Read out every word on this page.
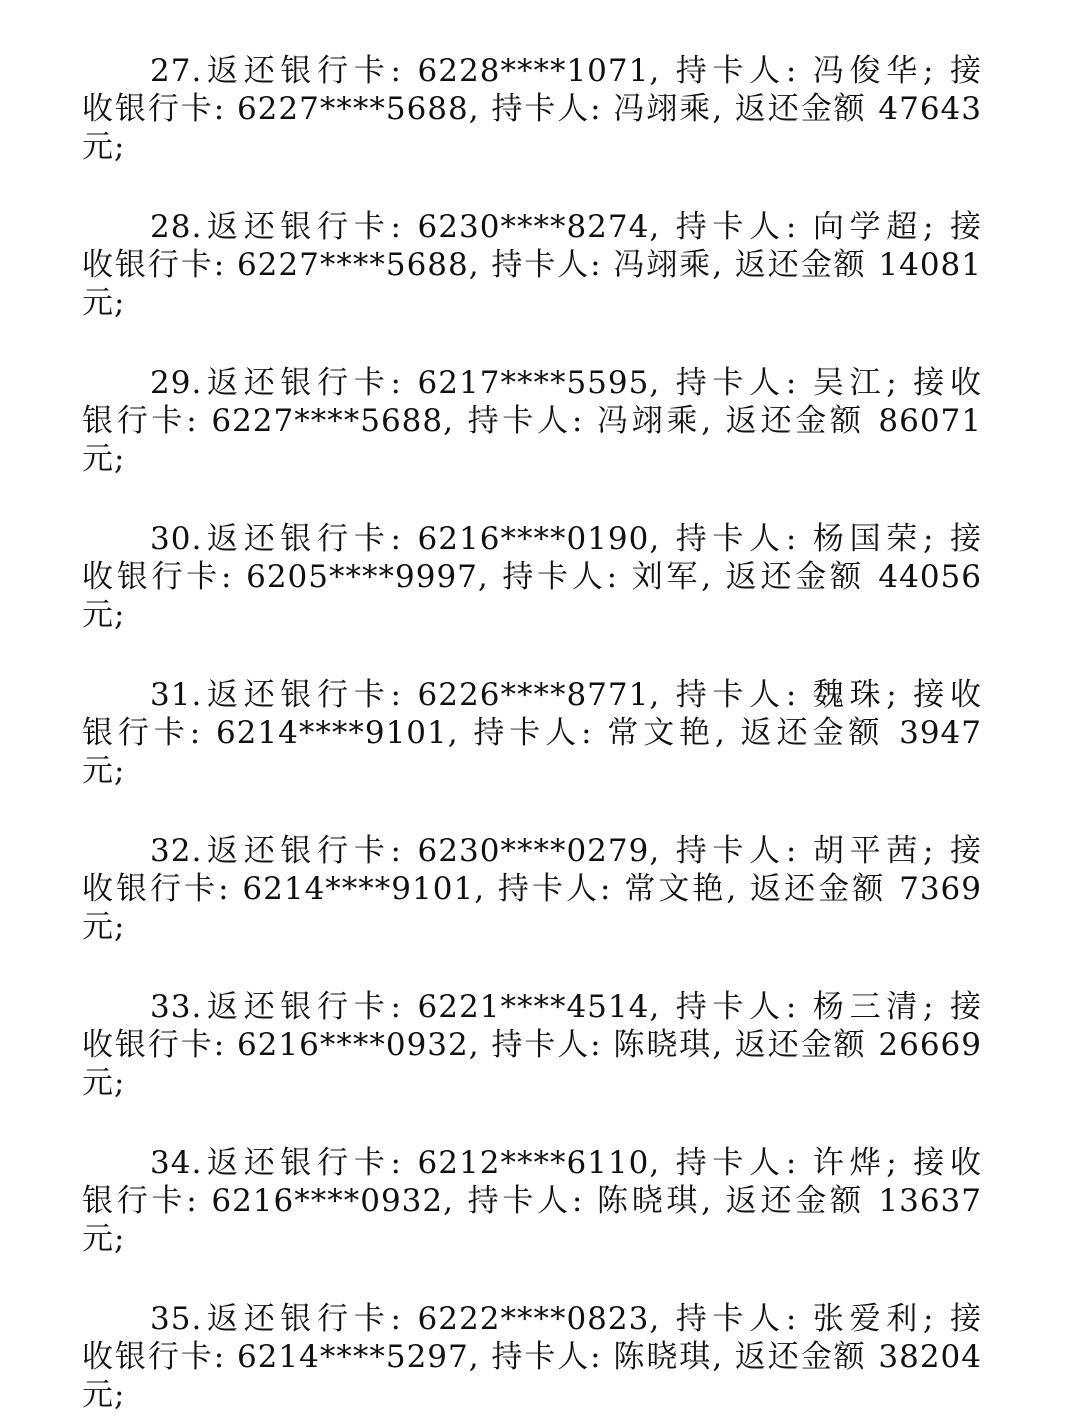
27.返还银行卡: 6228****1071, 持卡人: 冯俊华; 接
收银行卡: 6227****5688, 持卡人: 冯翊乘, 返还金额 47643
元;
28.返还银行卡: 6230****8274, 持卡人: 向学超; 接
收银行卡: 6227****5688, 持卡人: 冯翊乘, 返还金额 14081
元;
29.返还银行卡: 6217****5595, 持卡人: 吴江; 接收
银行卡: 6227****5688, 持卡人: 冯翊乘, 返还金额 86071
元;
30.返还银行卡: 6216****0190, 持卡人: 杨国荣; 接
收银行卡: 6205****9997, 持卡人: 刘军, 返还金额 44056
元;
31.返还银行卡: 6226****8771, 持卡人: 魏珠; 接收
银行卡: 6214****9101, 持卡人: 常文艳, 返还金额 3947
元;
32.返还银行卡: 6230****0279, 持卡人: 胡平茜; 接
收银行卡: 6214****9101, 持卡人: 常文艳, 返还金额 7369
元;
33.返还银行卡: 6221****4514, 持卡人: 杨三清; 接
收银行卡: 6216****0932, 持卡人: 陈晓琪, 返还金额 26669
元;
34.返还银行卡: 6212****6110, 持卡人: 许烨; 接收
银行卡: 6216****0932, 持卡人: 陈晓琪, 返还金额 13637
元;
35.返还银行卡: 6222****0823, 持卡人: 张爱利; 接
收银行卡: 6214****5297, 持卡人: 陈晓琪, 返还金额 38204
元;
